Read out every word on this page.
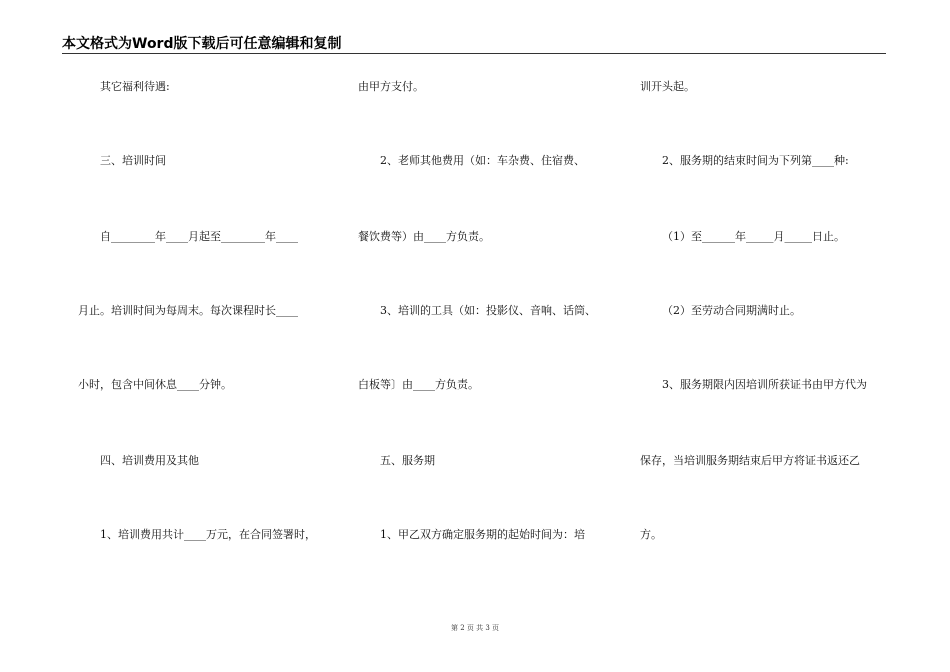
本文格式为Word版下载后可任意编辑和复制
其它福利待遇:
三、培训时间
自________年____月起至________年____
月止。培训时间为每周末。每次课程时长____
小时，包含中间休息____分钟。
四、培训费用及其他
1、培训费用共计____万元，在合同签署时，
由甲方支付。
2、老师其他费用（如：车杂费、住宿费、
餐饮费等）由____方负责。
3、培训的工具（如：投影仪、音响、话筒、
白板等〕由____方负责。
五、服务期
1、甲乙双方确定服务期的起始时间为：培
训开头起。
2、服务期的结束时间为下列第____种:
（1）至______年_____月_____日止。
（2）至劳动合同期满时止。
3、服务期限内因培训所获证书由甲方代为
保存，当培训服务期结束后甲方将证书返还乙
方。
第 2 页 共 3 页
